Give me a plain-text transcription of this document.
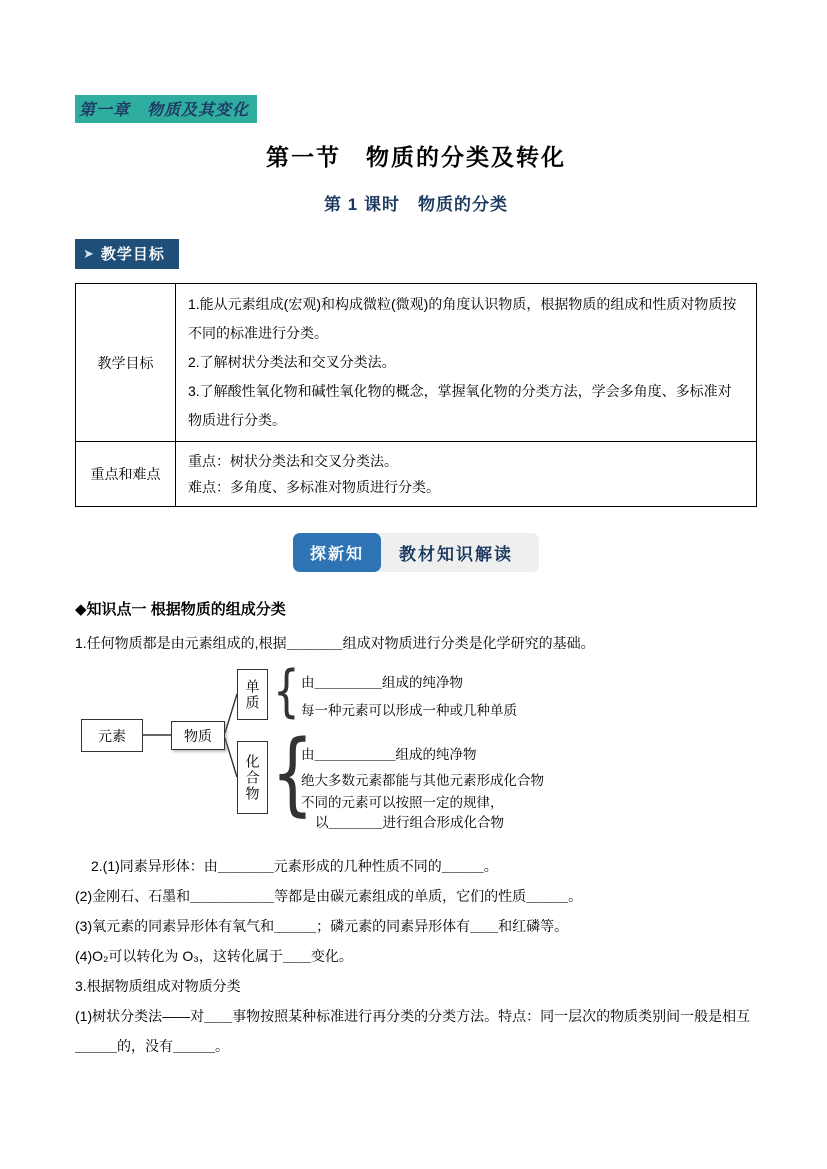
第一章　物质及其变化
第一节　物质的分类及转化
第 1 课时　物质的分类
➤ 教学目标
教学目标	1.能从元素组成(宏观)和构成微粒(微观)的角度认识物质，根据物质的组成和性质对物质按不同的标准进行分类。

2.了解树状分类法和交叉分类法。

3.了解酸性氧化物和碱性氧化物的概念，掌握氧化物的分类方法，学会多角度、多标准对物质进行分类。

重点和难点	重点：树状分类法和交叉分类法。

难点：多角度、多标准对物质进行分类。

探新知	教材知识解读

◆知识点一 根据物质的组成分类

1.任何物质都是由元素组成的,根据＿＿＿＿组成对物质进行分类是化学研究的基础。

元素	物质
单质
化合物
{
{
由＿＿＿＿＿组成的纯净物
每一种元素可以形成一种或几种单质
由＿＿＿＿＿＿组成的纯净物
绝大多数元素都能与其他元素形成化合物
不同的元素可以按照一定的规律，
以＿＿＿＿进行组合形成化合物

2.(1)同素异形体：由＿＿＿＿元素形成的几种性质不同的＿＿＿。

(2)金刚石、石墨和＿＿＿＿＿＿等都是由碳元素组成的单质，它们的性质＿＿＿。

(3)氧元素的同素异形体有氧气和＿＿＿；磷元素的同素异形体有＿＿和红磷等。

(4)O₂可以转化为 O₃，这转化属于＿＿变化。

3.根据物质组成对物质分类

(1)树状分类法——对＿＿事物按照某种标准进行再分类的分类方法。特点：同一层次的物质类别间一般是相互＿＿＿的，没有＿＿＿。
